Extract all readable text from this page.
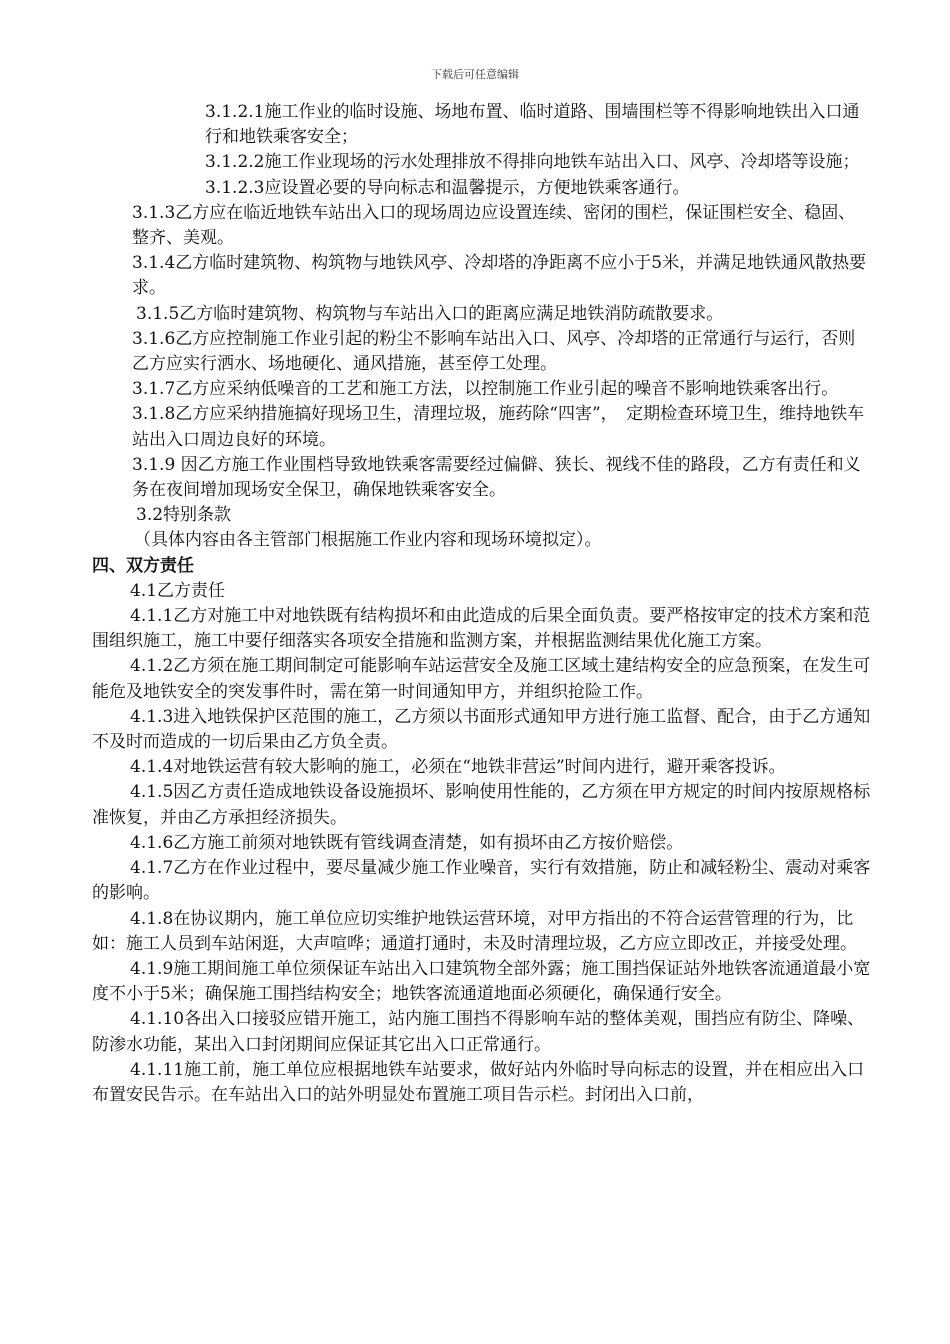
下载后可任意编辑

3.1.2.1施工作业的临时设施、场地布置、临时道路、围墙围栏等不得影响地铁出入口通行和地铁乘客安全；

3.1.2.2施工作业现场的污水处理排放不得排向地铁车站出入口、风亭、冷却塔等设施；

3.1.2.3应设置必要的导向标志和温馨提示，方便地铁乘客通行。

3.1.3乙方应在临近地铁车站出入口的现场周边应设置连续、密闭的围栏，保证围栏安全、稳固、整齐、美观。

3.1.4乙方临时建筑物、构筑物与地铁风亭、冷却塔的净距离不应小于5米，并满足地铁通风散热要求。

3.1.5乙方临时建筑物、构筑物与车站出入口的距离应满足地铁消防疏散要求。

3.1.6乙方应控制施工作业引起的粉尘不影响车站出入口、风亭、冷却塔的正常通行与运行，否则乙方应实行洒水、场地硬化、通风措施，甚至停工处理。

3.1.7乙方应采纳低噪音的工艺和施工方法，以控制施工作业引起的噪音不影响地铁乘客出行。

3.1.8乙方应采纳措施搞好现场卫生，清理垃圾，施药除“四害”，　定期检查环境卫生，维持地铁车站出入口周边良好的环境。

3.1.9 因乙方施工作业围档导致地铁乘客需要经过偏僻、狭长、视线不佳的路段，乙方有责任和义务在夜间增加现场安全保卫，确保地铁乘客安全。

3.2特别条款

（具体内容由各主管部门根据施工作业内容和现场环境拟定）。

四、双方责任

4.1乙方责任

4.1.1乙方对施工中对地铁既有结构损坏和由此造成的后果全面负责。要严格按审定的技术方案和范围组织施工，施工中要仔细落实各项安全措施和监测方案，并根据监测结果优化施工方案。

4.1.2乙方须在施工期间制定可能影响车站运营安全及施工区域土建结构安全的应急预案，在发生可能危及地铁安全的突发事件时，需在第一时间通知甲方，并组织抢险工作。

4.1.3进入地铁保护区范围的施工，乙方须以书面形式通知甲方进行施工监督、配合，由于乙方通知不及时而造成的一切后果由乙方负全责。

4.1.4对地铁运营有较大影响的施工，必须在“地铁非营运”时间内进行，避开乘客投诉。

4.1.5因乙方责任造成地铁设备设施损坏、影响使用性能的，乙方须在甲方规定的时间内按原规格标准恢复，并由乙方承担经济损失。

4.1.6乙方施工前须对地铁既有管线调查清楚，如有损坏由乙方按价赔偿。

4.1.7乙方在作业过程中，要尽量减少施工作业噪音，实行有效措施，防止和减轻粉尘、震动对乘客的影响。

4.1.8在协议期内，施工单位应切实维护地铁运营环境，对甲方指出的不符合运营管理的行为，比如：施工人员到车站闲逛，大声喧哗；通道打通时，未及时清理垃圾，乙方应立即改正，并接受处理。

4.1.9施工期间施工单位须保证车站出入口建筑物全部外露；施工围挡保证站外地铁客流通道最小宽度不小于5米；确保施工围挡结构安全；地铁客流通道地面必须硬化，确保通行安全。

4.1.10各出入口接驳应错开施工，站内施工围挡不得影响车站的整体美观，围挡应有防尘、降噪、防渗水功能，某出入口封闭期间应保证其它出入口正常通行。

4.1.11施工前，施工单位应根据地铁车站要求，做好站内外临时导向标志的设置，并在相应出入口布置安民告示。在车站出入口的站外明显处布置施工项目告示栏。封闭出入口前，
